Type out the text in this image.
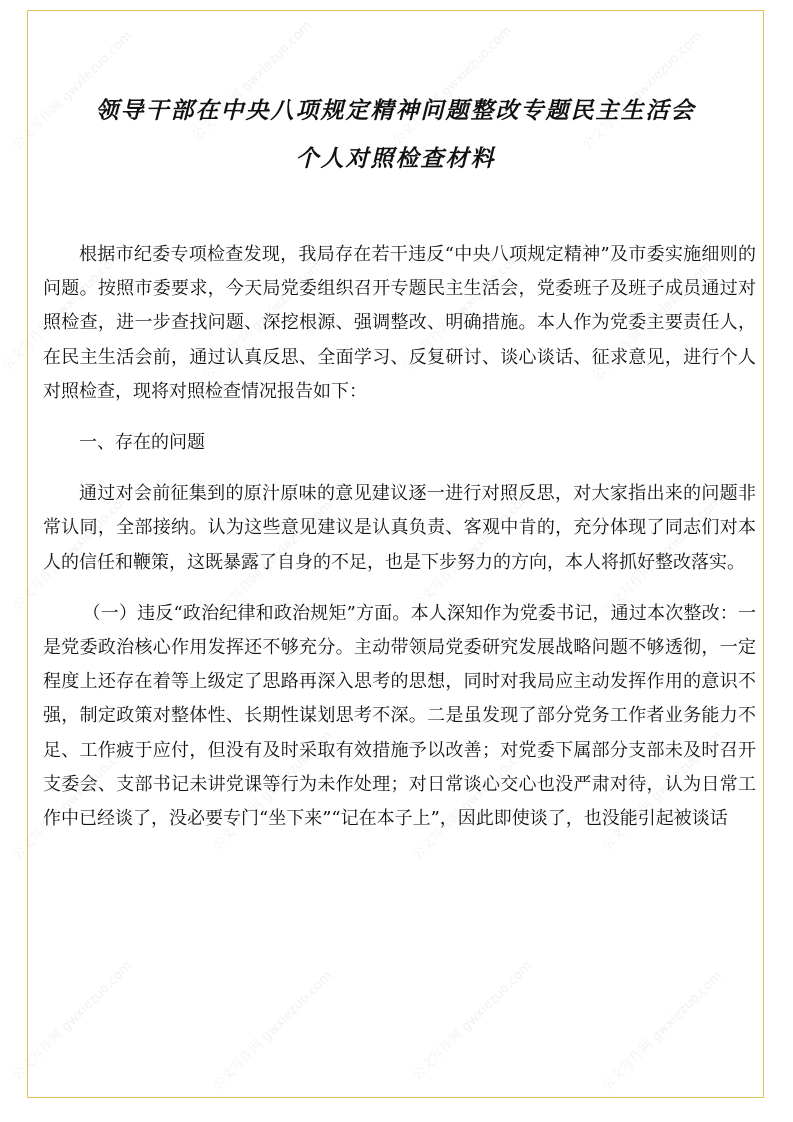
公文写作网 gwxiezuo.com	公文写作网 gwxiezuo.com	公文写作网 gwxiezuo.com	公文写作网 gwxiezuo.com
公文写作网 gwxiezuo.com	公文写作网 gwxiezuo.com	公文写作网 gwxiezuo.com	公文写作网 gwxiezuo.com
公文写作网 gwxiezuo.com	公文写作网 gwxiezuo.com	公文写作网 gwxiezuo.com	公文写作网 gwxiezuo.com
公文写作网 gwxiezuo.com	公文写作网 gwxiezuo.com	公文写作网 gwxiezuo.com	公文写作网 gwxiezuo.com
公文写作网 gwxiezuo.com	公文写作网 gwxiezuo.com	公文写作网 gwxiezuo.com	公文写作网 gwxiezuo.com
领导干部在中央八项规定精神问题整改专题民主生活会
个人对照检查材料

根据市纪委专项检查发现，我局存在若干违反“中央八项规定精神”及市委实施细则的问题。按照市委要求，今天局党委组织召开专题民主生活会，党委班子及班子成员通过对照检查，进一步查找问题、深挖根源、强调整改、明确措施。本人作为党委主要责任人，在民主生活会前，通过认真反思、全面学习、反复研讨、谈心谈话、征求意见，进行个人对照检查，现将对照检查情况报告如下：

一、存在的问题

通过对会前征集到的原汁原味的意见建议逐一进行对照反思，对大家指出来的问题非常认同，全部接纳。认为这些意见建议是认真负责、客观中肯的，充分体现了同志们对本人的信任和鞭策，这既暴露了自身的不足，也是下步努力的方向，本人将抓好整改落实。

（一）违反“政治纪律和政治规矩”方面。本人深知作为党委书记，通过本次整改：一是党委政治核心作用发挥还不够充分。主动带领局党委研究发展战略问题不够透彻，一定程度上还存在着等上级定了思路再深入思考的思想，同时对我局应主动发挥作用的意识不强，制定政策对整体性、长期性谋划思考不深。二是虽发现了部分党务工作者业务能力不足、工作疲于应付，但没有及时采取有效措施予以改善；对党委下属部分支部未及时召开支委会、支部书记未讲党课等行为未作处理；对日常谈心交心也没严肃对待，认为日常工作中已经谈了，没必要专门“坐下来”“记在本子上”，因此即使谈了，也没能引起被谈话
